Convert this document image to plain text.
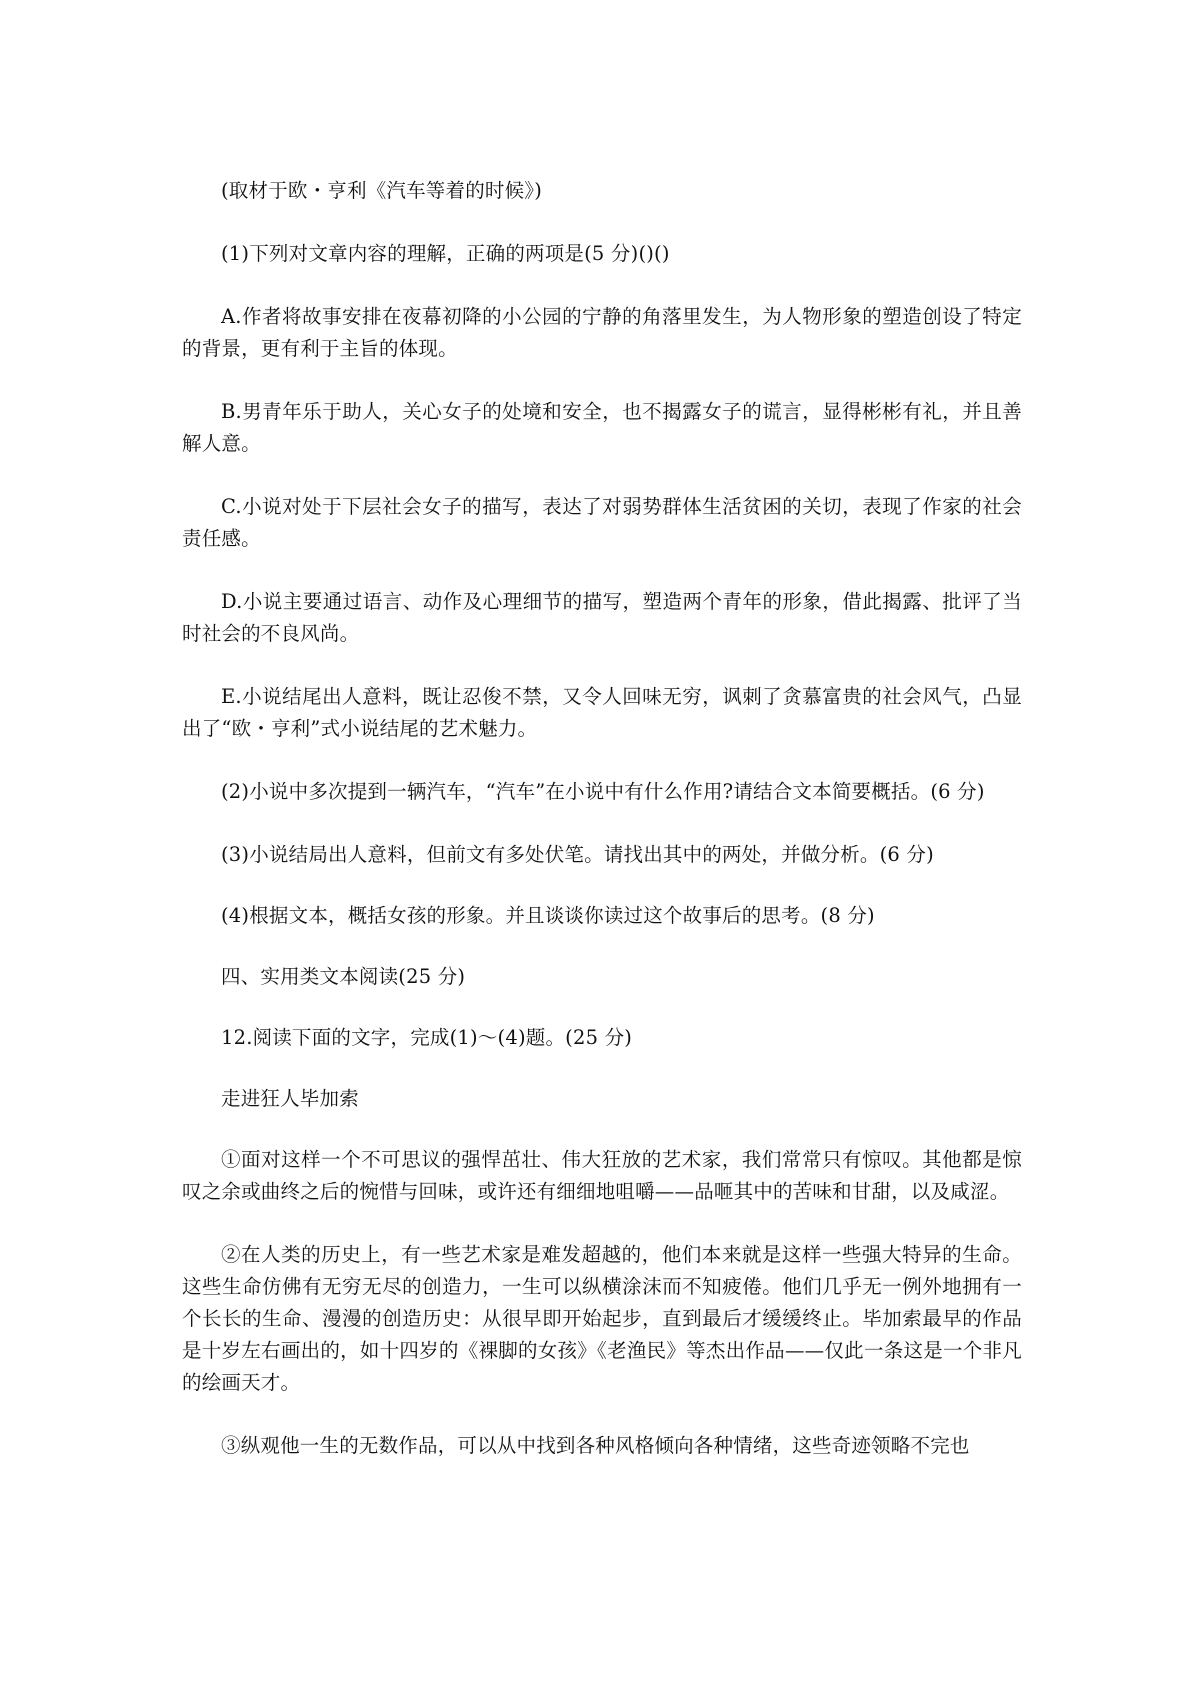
(取材于欧・亨利《汽车等着的时候》)

(1)下列对文章内容的理解，正确的两项是(5 分)()()

A.作者将故事安排在夜幕初降的小公园的宁静的角落里发生，为人物形象的塑造创设了特定的背景，更有利于主旨的体现。

B.男青年乐于助人，关心女子的处境和安全，也不揭露女子的谎言，显得彬彬有礼，并且善解人意。

C.小说对处于下层社会女子的描写，表达了对弱势群体生活贫困的关切，表现了作家的社会责任感。

D.小说主要通过语言、动作及心理细节的描写，塑造两个青年的形象，借此揭露、批评了当时社会的不良风尚。

E.小说结尾出人意料，既让忍俊不禁，又令人回味无穷，讽刺了贪慕富贵的社会风气，凸显出了“欧・亨利”式小说结尾的艺术魅力。

(2)小说中多次提到一辆汽车，“汽车”在小说中有什么作用?请结合文本简要概括。(6 分)

(3)小说结局出人意料，但前文有多处伏笔。请找出其中的两处，并做分析。(6 分)

(4)根据文本，概括女孩的形象。并且谈谈你读过这个故事后的思考。(8 分)

四、实用类文本阅读(25 分)

12.阅读下面的文字，完成(1)～(4)题。(25 分)

走进狂人毕加索

①面对这样一个不可思议的强悍茁壮、伟大狂放的艺术家，我们常常只有惊叹。其他都是惊叹之余或曲终之后的惋惜与回味，或许还有细细地咀嚼——品咂其中的苦味和甘甜，以及咸涩。

②在人类的历史上，有一些艺术家是难发超越的，他们本来就是这样一些强大特异的生命。这些生命仿佛有无穷无尽的创造力，一生可以纵横涂沫而不知疲倦。他们几乎无一例外地拥有一个长长的生命、漫漫的创造历史：从很早即开始起步，直到最后才缓缓终止。毕加索最早的作品是十岁左右画出的，如十四岁的《裸脚的女孩》《老渔民》等杰出作品——仅此一条这是一个非凡的绘画天才。

③纵观他一生的无数作品，可以从中找到各种风格倾向各种情绪，这些奇迹领略不完也
